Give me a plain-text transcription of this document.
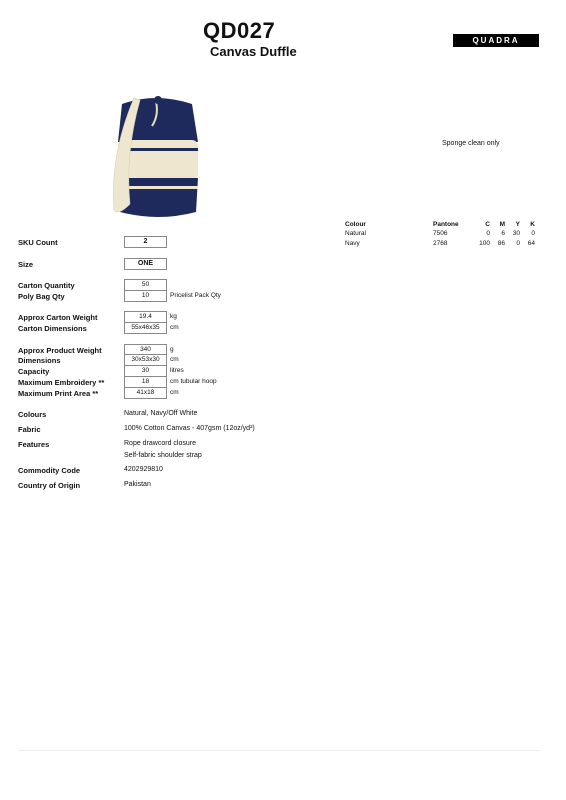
QD027
Canvas Duffle
QUADRA
Sponge clean only
Colour	Pantone	C	M	Y	K
Natural	7506	0	6	30	0
Navy	2768	100	86	0	64
SKU Count	2
Size	ONE
Carton Quantity	50
Poly Bag Qty	10	Pricelist Pack Qty
Approx Carton Weight	19.4	kg
Carton Dimensions	55x46x35	cm
Approx Product Weight	340	g
Dimensions	30x53x30	cm
Capacity	30	litres
Maximum Embroidery **	18	cm tubular hoop
Maximum Print Area **	41x18	cm
Colours	Natural, Navy/Off White
Fabric	100% Cotton Canvas - 407gsm (12oz/yd²)
Features	Rope drawcord closure
Self-fabric shoulder strap
Commodity Code	4202929810
Country of Origin	Pakistan
